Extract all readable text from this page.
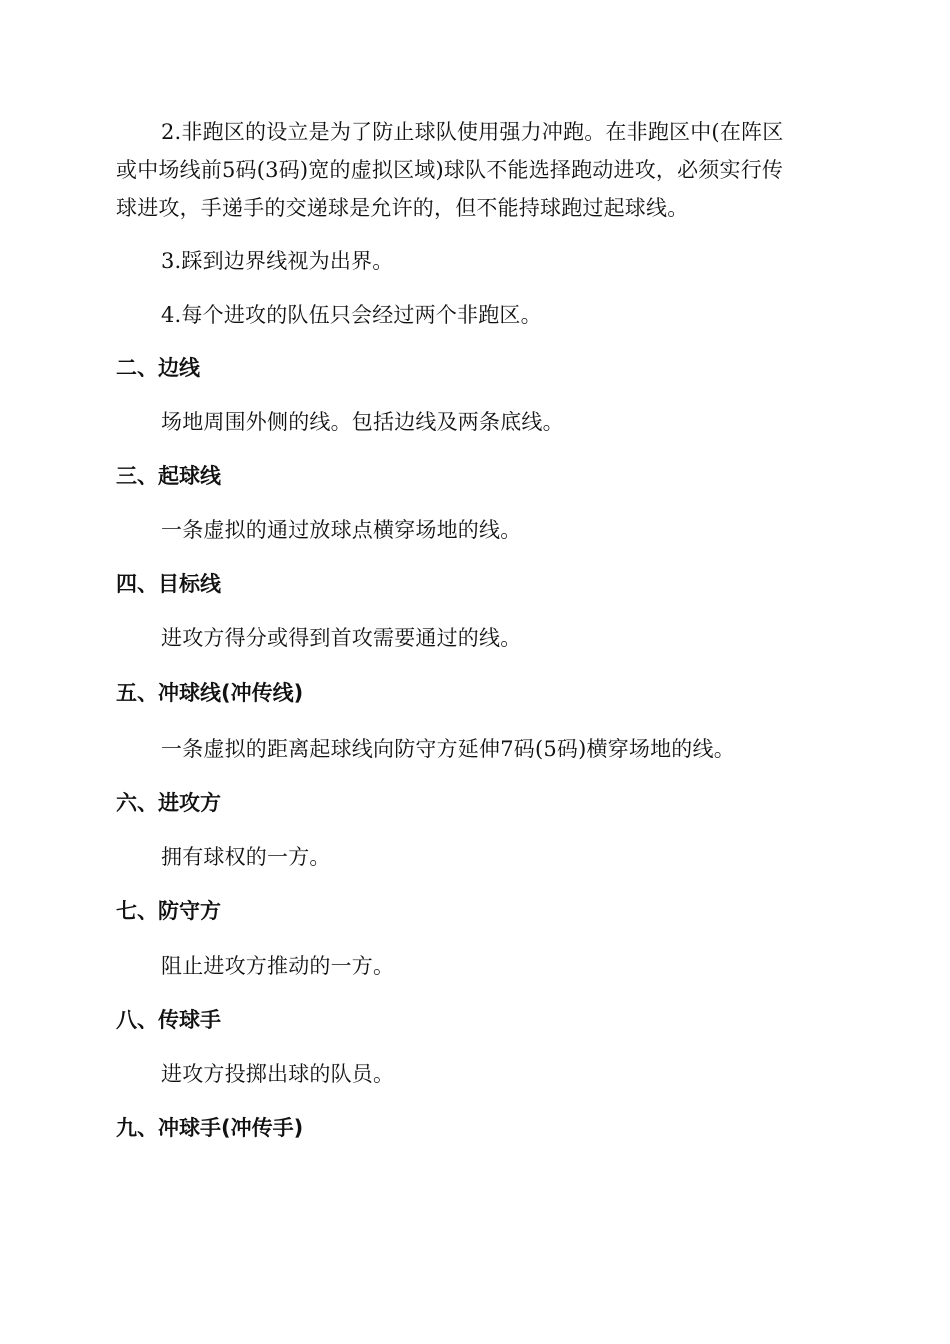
2.非跑区的设立是为了防止球队使用强力冲跑。在非跑区中(在阵区
或中场线前5码(3码)宽的虚拟区域)球队不能选择跑动进攻，必须实行传
球进攻，手递手的交递球是允许的，但不能持球跑过起球线。

3.踩到边界线视为出界。

4.每个进攻的队伍只会经过两个非跑区。

二、边线

场地周围外侧的线。包括边线及两条底线。

三、起球线

一条虚拟的通过放球点横穿场地的线。

四、目标线

进攻方得分或得到首攻需要通过的线。

五、冲球线(冲传线)

一条虚拟的距离起球线向防守方延伸7码(5码)横穿场地的线。

六、进攻方

拥有球权的一方。

七、防守方

阻止进攻方推动的一方。

八、传球手

进攻方投掷出球的队员。

九、冲球手(冲传手)
